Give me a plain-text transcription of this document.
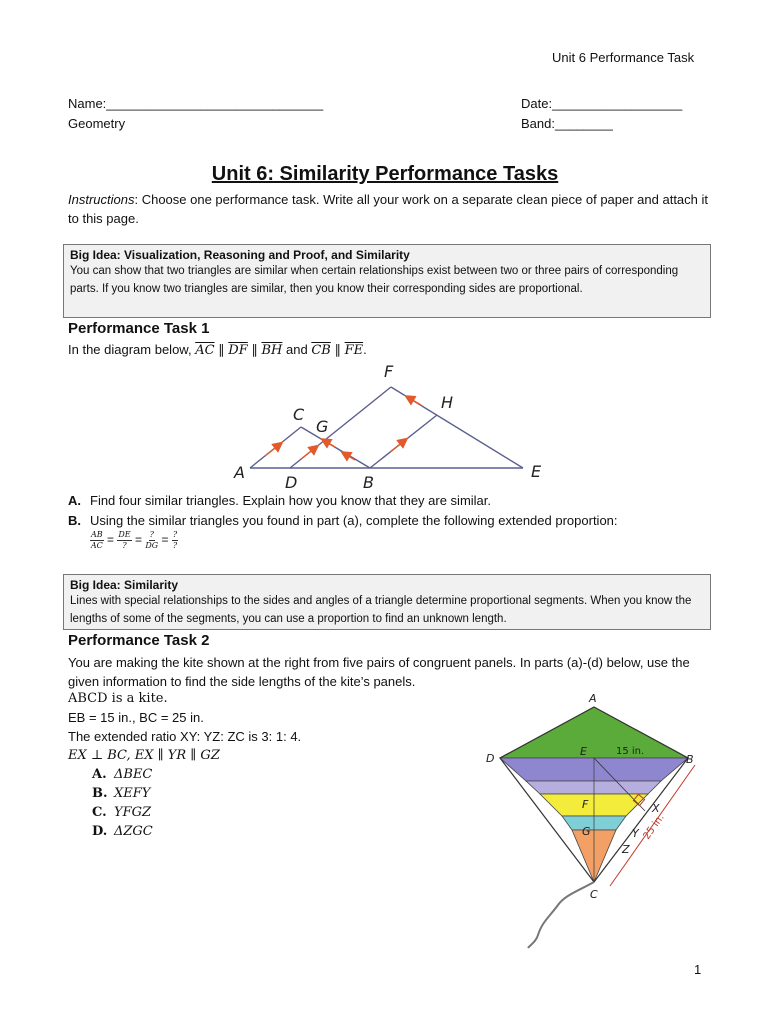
Unit 6 Performance Task
Name:______________________________	Date:__________________
Geometry	Band:________
Unit 6: Similarity Performance Tasks
Instructions: Choose one performance task. Write all your work on a separate clean piece of paper and attach it to this page.
Big Idea: Visualization, Reasoning and Proof, and Similarity
You can show that two triangles are similar when certain relationships exist between two or three pairs of corresponding parts. If you know two triangles are similar, then you know their corresponding sides are proportional.
Performance Task 1
In the diagram below, $\overline{AC}$ ∥ $\overline{DF}$ ∥ $\overline{BH}$ and $\overline{CB}$ ∥ $\overline{FE}$.
A
D	B
E
C
G
F
H
A. Find four similar triangles. Explain how you know that they are similar.
B. Using the similar triangles you found in part (a), complete the following extended proportion:
$\frac{AB}{AC} = \frac{DE}{?} = \frac{?}{DG} = \frac{?}{?}$
Big Idea: Similarity
Lines with special relationships to the sides and angles of a triangle determine proportional segments. When you know the lengths of some of the segments, you can use a proportion to find an unknown length.
Performance Task 2
You are making the kite shown at the right from five pairs of congruent panels. In parts (a)-(d) below, use the given information to find the side lengths of the kite’s panels.
ABCD is a kite.
EB = 15 in., BC = 25 in.
The extended ratio XY: YZ: ZC is 3: 1: 4.
EX ⊥ BC, EX ∥ YR ∥ GZ
A. ΔBEC
B. XEFY
C. YFGZ
D. ΔZGC
A
D	B
C
E
F
G
X
Y
Z
15 in.
25 in.
1
